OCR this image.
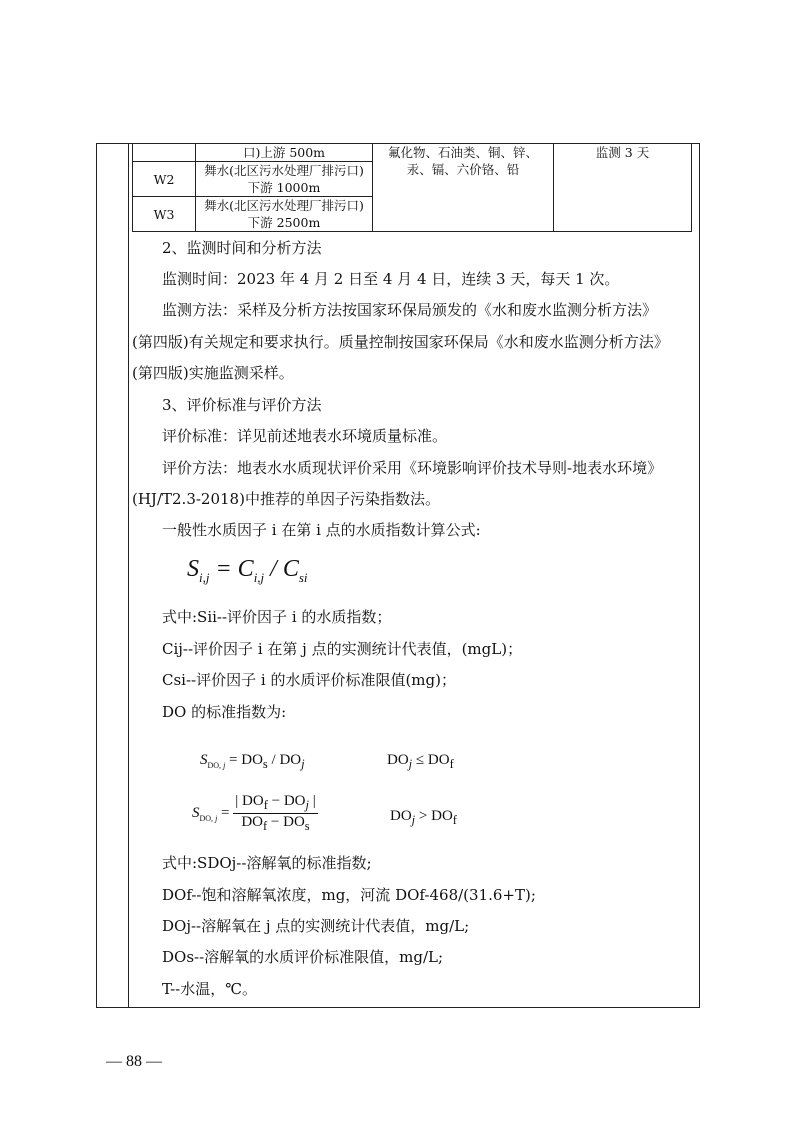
	口)上游 500m	氟化物、石油类、铜、锌、汞、镉、六价铬、铅	监测 3 天
W2	舞水(北区污水处理厂排污口)下游 1000m		
W3	舞水(北区污水处理厂排污口)下游 2500m		
2、监测时间和分析方法
监测时间：2023 年 4 月 2 日至 4 月 4 日，连续 3 天，每天 1 次。
监测方法：采样及分析方法按国家环保局颁发的《水和废水监测分析方法》
(第四版)有关规定和要求执行。质量控制按国家环保局《水和废水监测分析方法》
(第四版)实施监测采样。
3、评价标准与评价方法
评价标准：详见前述地表水环境质量标准。
评价方法：地表水水质现状评价采用《环境影响评价技术导则-地表水环境》
(HJ/T2.3-2018)中推荐的单因子污染指数法。
一般性水质因子 i 在第 i 点的水质指数计算公式:
式中:Sii--评价因子 i 的水质指数；
Cij--评价因子 i 在第 j 点的实测统计代表值，(mgL)；
Csi--评价因子 i 的水质评价标准限值(mg)；
DO 的标准指数为:
式中:SDOj--溶解氧的标准指数;
DOf--饱和溶解氧浓度，mg，河流 DOf-468/(31.6+T);
DOj--溶解氧在 j 点的实测统计代表值，mg/L;
DOs--溶解氧的水质评价标准限值，mg/L;
T--水温，℃。
$S_{i,j} = C_{i,j} / C_{si}$
$S_{DO, j} = DO_s / DO_j$	$DO_j \le DO_f$
$S_{DO, j} = \frac{| DO_f - DO_j |}{DO_f - DO_s}$	$DO_j > DO_f$
— 88 —
